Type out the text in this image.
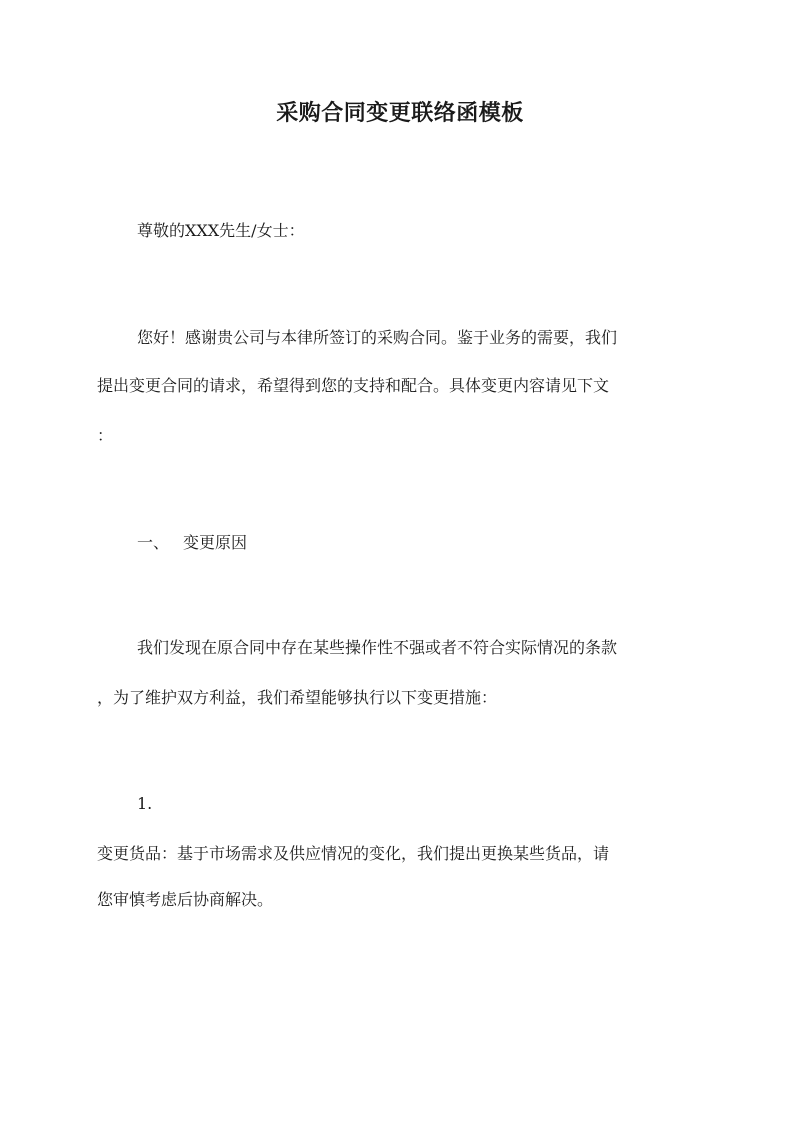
采购合同变更联络函模板

尊敬的XXX先生/女士：

您好！感谢贵公司与本律所签订的采购合同。鉴于业务的需要，我们

提出变更合同的请求，希望得到您的支持和配合。具体变更内容请见下文

：

一、 变更原因

我们发现在原合同中存在某些操作性不强或者不符合实际情况的条款

，为了维护双方利益，我们希望能够执行以下变更措施：

1.

变更货品：基于市场需求及供应情况的变化，我们提出更换某些货品，请

您审慎考虑后协商解决。
